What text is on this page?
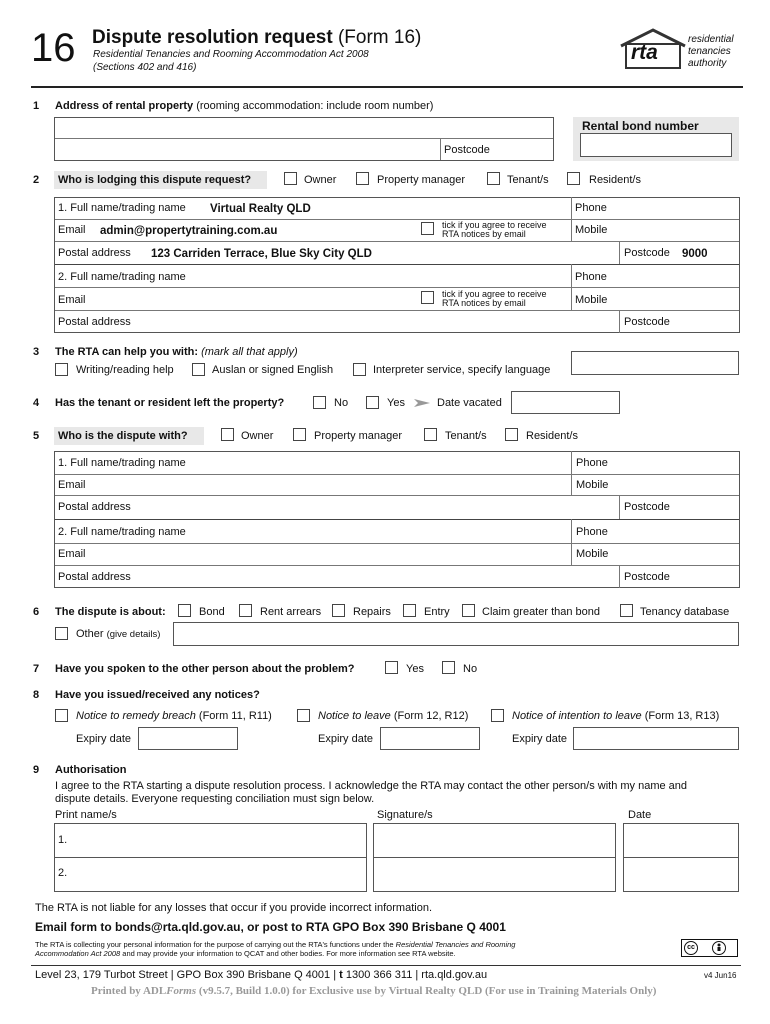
16 Dispute resolution request (Form 16)
Residential Tenancies and Rooming Accommodation Act 2008
(Sections 402 and 416)
rta
residential
tenancies
authority
1 Address of rental property (rooming accommodation: include room number)
Postcode
Rental bond number
2 Who is lodging this dispute request?	Owner	Property manager	Tenant/s	Resident/s
1. Full name/trading name Virtual Realty QLD	Phone
Email admin@propertytraining.com.au	tick if you agree to receive
RTA notices by email	Mobile
Postal address 123 Carriden Terrace, Blue Sky City QLD	Postcode 9000
2. Full name/trading name	Phone
Email	tick if you agree to receive
RTA notices by email	Mobile
Postal address	Postcode
3 The RTA can help you with: (mark all that apply)
Writing/reading help	Auslan or signed English	Interpreter service, specify language
4 Has the tenant or resident left the property?	No	Yes	Date vacated
5 Who is the dispute with?	Owner	Property manager	Tenant/s	Resident/s
1. Full name/trading name	Phone
Email	Mobile
Postal address	Postcode
2. Full name/trading name	Phone
Email	Mobile
Postal address	Postcode
6 The dispute is about:	Bond	Rent arrears	Repairs	Entry	Claim greater than bond	Tenancy database
Other (give details)
7 Have you spoken to the other person about the problem?	Yes	No
8 Have you issued/received any notices?
Notice to remedy breach (Form 11, R11)	Notice to leave (Form 12, R12)	Notice of intention to leave (Form 13, R13)
Expiry date	Expiry date	Expiry date
9 Authorisation
I agree to the RTA starting a dispute resolution process. I acknowledge the RTA may contact the other person/s with my name and
dispute details. Everyone requesting conciliation must sign below.
Print name/s	Signature/s	Date
1.
2.
The RTA is not liable for any losses that occur if you provide incorrect information.
Email form to bonds@rta.qld.gov.au, or post to RTA GPO Box 390 Brisbane Q 4001
The RTA is collecting your personal information for the purpose of carrying out the RTA's functions under the Residential Tenancies and Rooming
Accommodation Act 2008 and may provide your information to QCAT and other bodies. For more information see RTA website.
cc
Level 23, 179 Turbot Street | GPO Box 390 Brisbane Q 4001 | t 1300 366 311 | rta.qld.gov.au	v4 Jun16
Printed by ADLForms (v9.5.7, Build 1.0.0) for Exclusive use by Virtual Realty QLD (For use in Training Materials Only)
